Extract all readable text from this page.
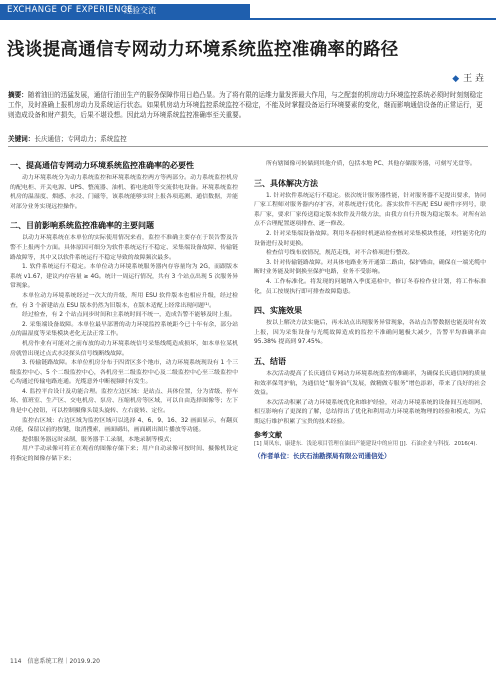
EXCHANGE OF EXPERIENCE
经验交流
浅谈提高通信专网动力环境系统监控准确率的路径
◆ 王 垚
摘要：随着油田的迅猛发展，通信行油田生产的服务保障作用日趋凸显。为了将有限的运维力量发挥最大作用，与之配套的机房动力环境监控系统必须时时刻刻稳定工作，及时准确上报机房动力及系统运行状态。如果机房动力环境监控系统监控不稳定，不能及时掌握设备运行环境要素的变化，继而影响通信设备的正常运行，更则造成设备和财产损失，后果不堪设想。因此动力环境系统监控准确率至关重要。
关键词：长庆通信；专网动力；系统监控
一、提高通信专网动力环境系统监控准确率的必要性

动力环境系统分为动力系统监控和环境系统监控两方等两部分。动力系统监控机房的配电柜、开关电源、UPS、整流器、油机、蓄电池组等交流供电设备。环境系统监控机房的温湿度、烟感、水浸、门磁等，该系统能够实时上报各项巡测、通信数据，并能对部分业务实现远控操作。

二、目前影响系统监控准确率的主要问题

以动力环境系统在本单位的实际使用情况来看，监控不准确主要存在于误告警及告警不上报两个方面。具体原因可细分为软件系统运行不稳定、采集端设备故障、传输链路故障等，其中又以软件系统运行不稳定导致的故障频次最多。

1. 软件系统运行不稳定。本单位动力环境系统服务器内存容量均为 2G，而跟版本系统 v1.67，建议内存容量 ≥ 4G。统计一周运行情况，共有 3 个站点出现 5 次服务异常现象。

本单位动力环境系统经过一次大的升级，所用 ESU 软件版本也相应升级，经过检查，有 3 个新建站点 ESU 版本仍然为旧版本，在版本适配上经常出现问题⁽¹⁾。

经过检查，有 2 个站点同步时间和主系统时间不统一，造成告警不能够及时上报。

2. 采集端设备故障。本单位最早部署的动力环境监控系统距今已十年有余，部分站点的温湿度等采集模块老化无法正常工作。

机房作业有可能对之前布放的动力环境系统信号采集线缆造成损坏，如本单位某机房就曾出现过点式水浸探头信号线断线故障。

3. 传输链路故障。本单位机房分布于四省区多个地市，动力环境系统现设有 1 个三级监控中心、5 个二级监控中心，各机房至二级监控中心及二级监控中心至三级监控中心均通过传输电路连通。光缆意外中断视频时有发生。

4. 监控平台设计及功能合理。监控左边区域：是站点、具体位置，分为省级、停车场、值班室、生产区、交电机房、泵房、压缩机房等区域，可以自由选择图像等；左下角是中心按钮，可以控制摄像头镜头旋转、左右旋转、定位。

监控右区域：右边区域为监控区域可以选择 4、6、9、16、32 画面显示，有翻页功能，保留以前的按键，取消搜索，画面刷出，画面刷出图片播放等功能。

提供服务器远时录制，服务器手工录制，本地录制等模式；

用户手动录像可将正在观看的图像存储下来；用户自动录像可按时间、摄像机设定将指定的图像存储下来；

所有辖图像可转储到其他介质，包括本地 PC、其他存储服务器，可刻写光盘等。

三、具体解决方法

1. 针对软件系统运行不稳定。依次统计服务器性能，针对服务器不足提出要求，协同厂家工程师对服务器内存扩容，对系统进行优化。落实软件不匹配 ESU 硬件序列号，联系厂家，要求厂家传送稳定版本软件及升级方法，由我方自行升级为稳定版本。对所有站点不合理配置逐项排查、逐一修改。

2. 针对采集端设备故障。利用冬春检时机逐站检查核对采集模块性能，对性能劣化的设备进行及时更换。

检查信号线布放情况，规范走线，对不合格项进行整改。

3. 针对传输链路故障。对具体电路业务开通第二路由，保护路由，确保在一端光缆中断时业务能及时倒换至保护电路，业务不受影响。

4. 工作标准化。将发现的问题纳入季度巡检中，修订冬春检作业计划，将工作标准化，员工按规执行即可排查故障隐患。

四、实施效果

按以上解决方法实施后，再未站点出现服务异常现象，各站点告警数据也能及时有效上报，因为采集设备与光缆故障造成的监控不准确问题极大减少，告警平均准确率由 95.38% 提高到 97.45%。

五、结语

本次活动提高了长庆通信专网动力环境系统监控的准确率，为确保长庆通信网的质量和效率保驾护航，为通信处“服务油气发展，做精做专服务”增色添彩，带来了良好的社会效益。

本次活动积累了动力环境系统优化和维护经验，对动力环境系统的设备间互连组网、相互影响有了更深的了解，总结得出了优化和利用动力环境系统物理的经验和模式，为后期运行维护积累了宝贵的技术经验。

参考文献
[1] 周凤东，康建东．浅论项目管理在油田产能建设中的应用 [J]．石油企业与科技．2016(4).
（作者单位：长庆石油勘探局有限公司通信处）
114　信息系统工程｜2019.9.20
